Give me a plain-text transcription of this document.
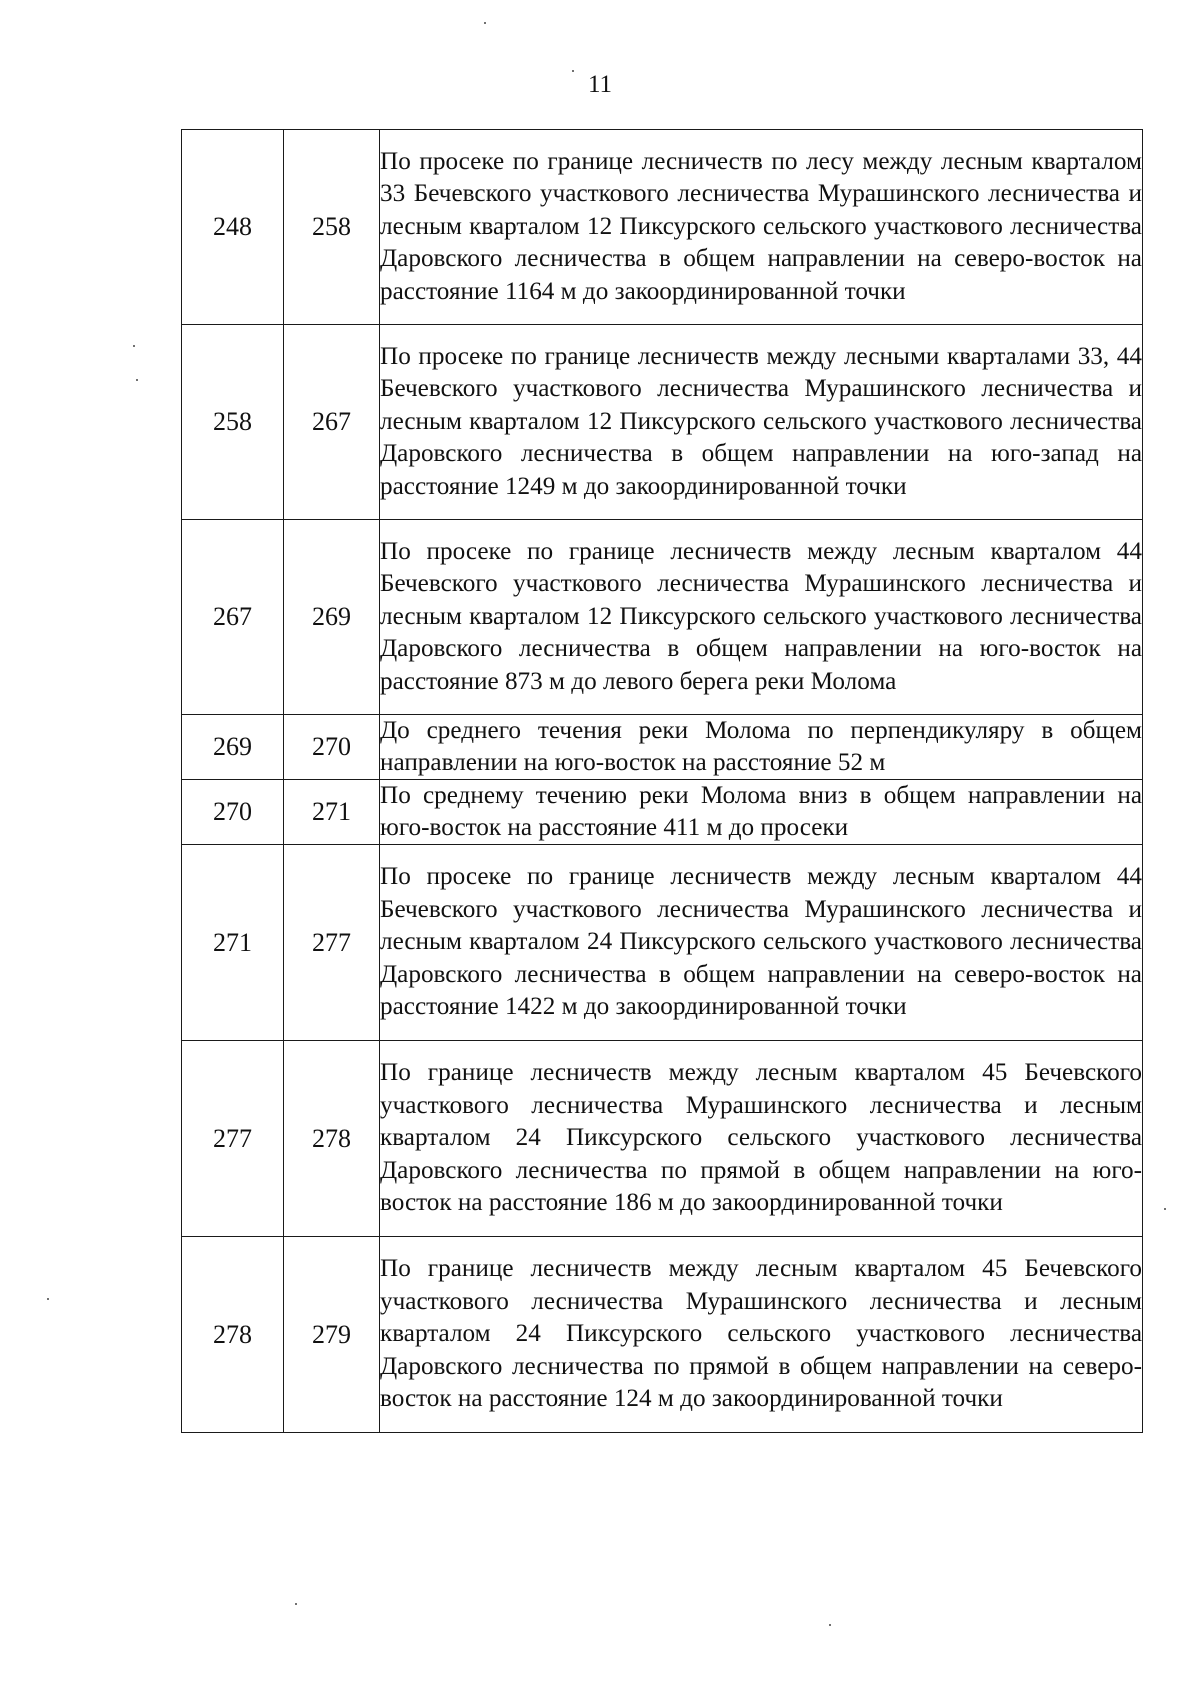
11
248	258	По просеке по границе лесничеств по лесу между лесным кварталом 33 Бечевского участкового лесничества Мурашинского лесничества и лесным кварталом 12 Пиксурского сельского участкового лесничества Даровского лесничества в общем направлении на северо-восток на расстояние 1164 м до закоординированной точки
258	267	По просеке по границе лесничеств между лесными кварталами 33, 44 Бечевского участкового лесничества Мурашинского лесничества и лесным кварталом 12 Пиксурского сельского участкового лесничества Даровского лесничества в общем направлении на юго-запад на расстояние 1249 м до закоординированной точки
267	269	По просеке по границе лесничеств между лесным кварталом 44 Бечевского участкового лесничества Мурашинского лесничества и лесным кварталом 12 Пиксурского сельского участкового лесничества Даровского лесничества в общем направлении на юго-восток на расстояние 873 м до левого берега реки Молома
269	270	До среднего течения реки Молома по перпендикуляру в общем направлении на юго-восток на расстояние 52 м
270	271	По среднему течению реки Молома вниз в общем направлении на юго-восток на расстояние 411 м до просеки
271	277	По просеке по границе лесничеств между лесным кварталом 44 Бечевского участкового лесничества Мурашинского лесничества и лесным кварталом 24 Пиксурского сельского участкового лесничества Даровского лесничества в общем направлении на северо-восток на расстояние 1422 м до закоординированной точки
277	278	По границе лесничеств между лесным кварталом 45 Бечевского участкового лесничества Мурашинского лесничества и лесным кварталом 24 Пиксурского сельского участкового лесничества Даровского лесничества по прямой в общем направлении на юго-восток на расстояние 186 м до закоординированной точки
278	279	По границе лесничеств между лесным кварталом 45 Бечевского участкового лесничества Мурашинского лесничества и лесным кварталом 24 Пиксурского сельского участкового лесничества Даровского лесничества по прямой в общем направлении на северо-восток на расстояние 124 м до закоординированной точки
